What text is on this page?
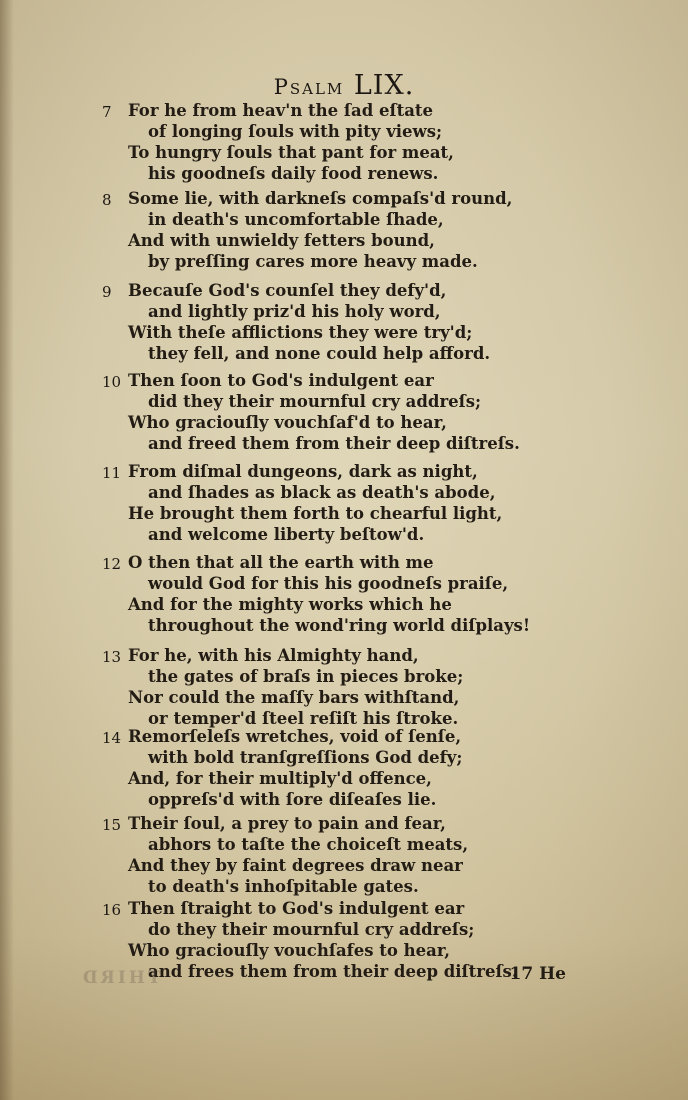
Psalm LIX.
7 For he from heav'n the ſad eſtate
of longing ſouls with pity views;
To hungry ſouls that pant for meat,
his goodneſs daily food renews.
8 Some lie, with darkneſs compaſs'd round,
in death's uncomfortable ſhade,
And with unwieldy fetters bound,
by preſſing cares more heavy made.
9 Becauſe God's counſel they defy'd,
and lightly priz'd his holy word,
With theſe afflictions they were try'd;
they fell, and none could help afford.
10 Then ſoon to God's indulgent ear
did they their mournful cry addreſs;
Who graciouſly vouchſaf'd to hear,
and freed them from their deep diſtreſs.
11 From diſmal dungeons, dark as night,
and ſhades as black as death's abode,
He brought them forth to chearful light,
and welcome liberty beſtow'd.
12 O then that all the earth with me
would God for this his goodneſs praiſe,
And for the mighty works which he
throughout the wond'ring world diſplays!
13 For he, with his Almighty hand,
the gates of braſs in pieces broke;
Nor could the maſſy bars withſtand,
or temper'd ſteel reſiſt his ſtroke.
14 Remorſeleſs wretches, void of ſenſe,
with bold tranſgreſſions God defy;
And, for their multiply'd offence,
oppreſs'd with ſore diſeaſes lie.
15 Their ſoul, a prey to pain and fear,
abhors to taſte the choiceſt meats,
And they by faint degrees draw near
to death's inhoſpitable gates.
16 Then ſtraight to God's indulgent ear
do they their mournful cry addreſs;
Who graciouſly vouchſafes to hear,
and frees them from their deep diſtreſs.
THIRD	17 He
